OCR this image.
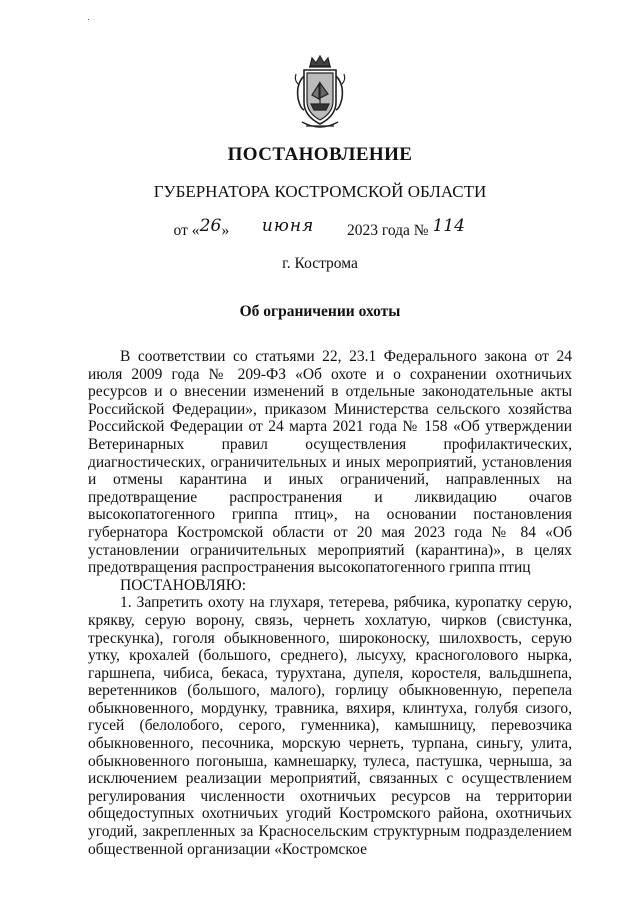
ПОСТАНОВЛЕНИЕ
ГУБЕРНАТОРА КОСТРОМСКОЙ ОБЛАСТИ
от «26» июня 2023 года № 114
г. Кострома
Об ограничении охоты

В соответствии со статьями 22, 23.1 Федерального закона от 24 июля 2009 года № 209-ФЗ «Об охоте и о сохранении охотничьих ресурсов и о внесении изменений в отдельные законодательные акты Российской Федерации», приказом Министерства сельского хозяйства Российской Федерации от 24 марта 2021 года № 158 «Об утверждении Ветеринарных правил осуществления профилактических, диагностических, ограничительных и иных мероприятий, установления и отмены карантина и иных ограничений, направленных на предотвращение распространения и ликвидацию очагов высокопатогенного гриппа птиц», на основании постановления губернатора Костромской области от 20 мая 2023 года № 84 «Об установлении ограничительных мероприятий (карантина)», в целях предотвращения распространения высокопатогенного гриппа птиц

ПОСТАНОВЛЯЮ:

1. Запретить охоту на глухаря, тетерева, рябчика, куропатку серую, крякву, серую ворону, связь, чернеть хохлатую, чирков (свистунка, трескунка), гоголя обыкновенного, широконоску, шилохвость, серую утку, крохалей (большого, среднего), лысуху, красноголового нырка, гаршнепа, чибиса, бекаса, турухтана, дупеля, коростеля, вальдшнепа, веретенников (большого, малого), горлицу обыкновенную, перепела обыкновенного, мордунку, травника, вяхиря, клинтуха, голубя сизого, гусей (белолобого, серого, гуменника), камышницу, перевозчика обыкновенного, песочника, морскую чернеть, турпана, синьгу, улита, обыкновенного погоныша, камнешарку, тулеса, пастушка, чернышa, за исключением реализации мероприятий, связанных с осуществлением регулирования численности охотничьих ресурсов на территории общедоступных охотничьих угодий Костромского района, охотничьих угодий, закрепленных за Красносельским структурным подразделением общественной организации «Костромское
